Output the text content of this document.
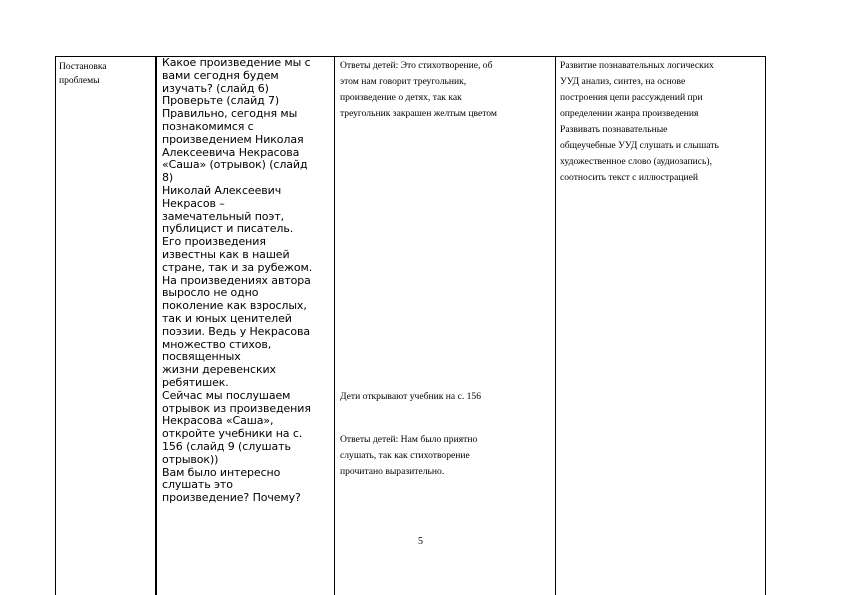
Постановка
проблемы

Какое произведение мы с
вами сегодня будем
изучать? (слайд 6)
Проверьте (слайд 7)
Правильно, сегодня мы
познакомимся с
произведением Николая
Алексеевича Некрасова
«Саша» (отрывок) (слайд
8)
Николай Алексеевич
Некрасов –
замечательный поэт,
публицист и писатель.
Его произведения
известны как в нашей
стране, так и за рубежом.
На произведениях автора
выросло не одно
поколение как взрослых,
так и юных ценителей
поэзии. Ведь у Некрасова
множество стихов,
посвященных
жизни деревенских
ребятишек.
Сейчас мы послушаем
отрывок из произведения
Некрасова «Саша»,
откройте учебники на с.
156 (слайд 9 (слушать
отрывок))
Вам было интересно
слушать это
произведение? Почему?

Ответы детей: Это стихотворение, об
этом нам говорит треугольник,
произведение о детях, так как
треугольник закрашен желтым цветом

Дети открывают учебник на с. 156

Ответы детей: Нам было приятно
слушать, так как стихотворение
прочитано выразительно.

Развитие познавательных логических
УУД анализ, синтез, на основе
построения цепи рассуждений при
определении жанра произведения
Развивать познавательные
общеучебные УУД слушать и слышать
художественное слово (аудиозапись),
соотносить текст с иллюстрацией

5
